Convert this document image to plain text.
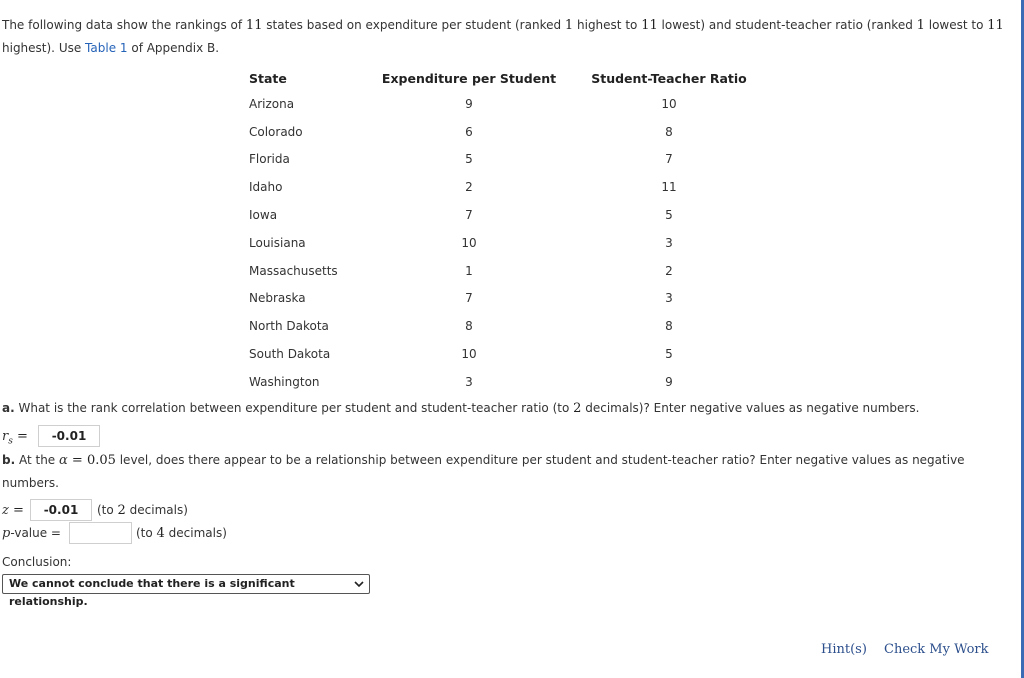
The following data show the rankings of 11 states based on expenditure per student (ranked 1 highest to 11 lowest) and student-teacher ratio (ranked 1 lowest to 11 highest). Use Table 1 of Appendix B.
State	Expenditure per Student	Student-Teacher Ratio
Arizona	9	10
Colorado	6	8
Florida	5	7
Idaho	2	11
Iowa	7	5
Louisiana	10	3
Massachusetts	1	2
Nebraska	7	3
North Dakota	8	8
South Dakota	10	5
Washington	3	9
a. What is the rank correlation between expenditure per student and student-teacher ratio (to 2 decimals)? Enter negative values as negative numbers.
$r_s$ =	-0.01
b. At the α = 0.05 level, does there appear to be a relationship between expenditure per student and student-teacher ratio? Enter negative values as negative numbers.
z =	-0.01	(to 2 decimals)
p-value =	(to 4 decimals)
Conclusion:
We cannot conclude that there is a significant relationship.
Hint(s) Check My Work
